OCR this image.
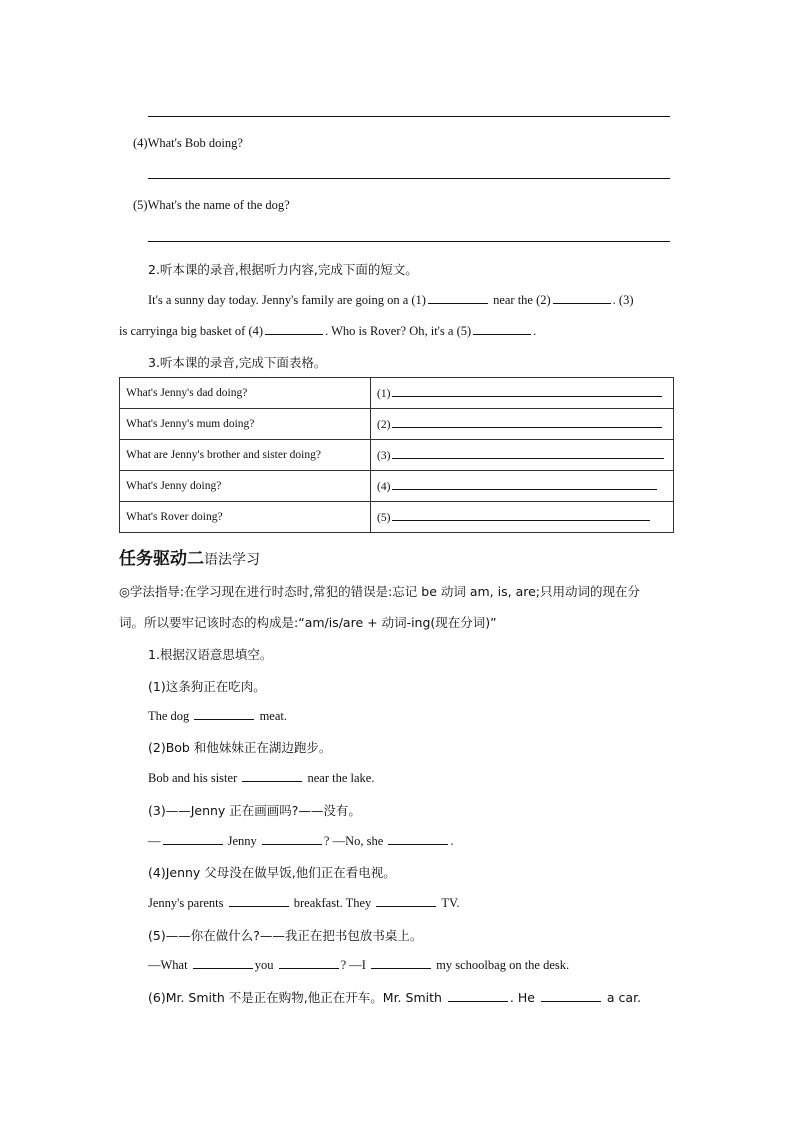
(4)What's Bob doing?
(5)What's the name of the dog?
2.听本课的录音,根据听力内容,完成下面的短文。
It's a sunny day today. Jenny's family are going on a (1)	near the (2)	. (3)
is carryinga big basket of (4)	. Who is Rover? Oh, it's a (5)	.
3.听本课的录音,完成下面表格。
What's Jenny's dad doing?	(1)
What's Jenny's mum doing?	(2)
What are Jenny's brother and sister doing?	(3)
What's Jenny doing?	(4)
What's Rover doing?	(5)
任务驱动二语法学习
◎学法指导:在学习现在进行时态时,常犯的错误是:忘记 be 动词 am, is, are;只用动词的现在分
词。所以要牢记该时态的构成是:“am/is/are + 动词-ing(现在分词)”
1.根据汉语意思填空。
(1)这条狗正在吃肉。
The dog	meat.
(2)Bob 和他妹妹正在湖边跑步。
Bob and his sister	near the lake.
(3)——Jenny 正在画画吗?——没有。
—	Jenny	? —No, she	.
(4)Jenny 父母没在做早饭,他们正在看电视。
Jenny's parents	breakfast. They	TV.
(5)——你在做什么?——我正在把书包放书桌上。
—What	you	? —I	my schoolbag on the desk.
(6)Mr. Smith 不是正在购物,他正在开车。Mr. Smith	. He	a car.
